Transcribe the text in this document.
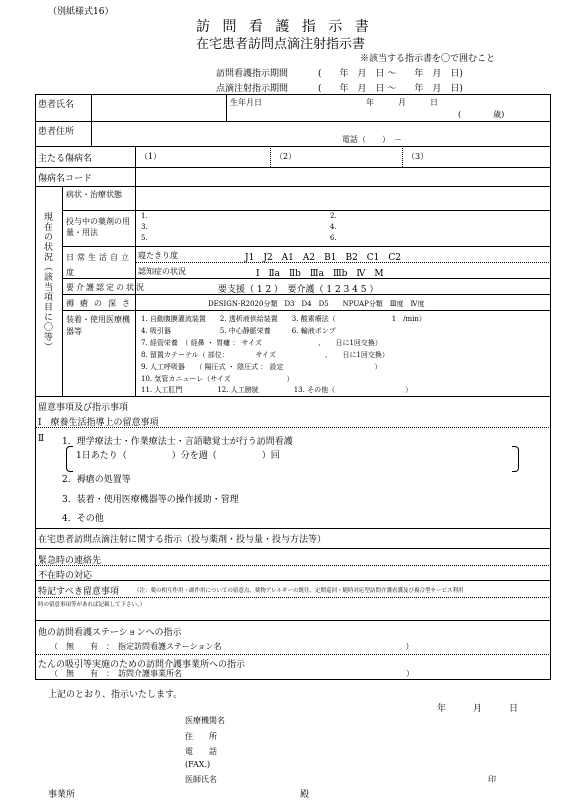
（別紙様式16）
訪 問 看 護 指 示 書
在宅患者訪問点滴注射指示書
※該当する指示書を〇で囲むこと
訪問看護指示期間	(　　年　月　日 ～　　年　月　日)
点滴注射指示期間	(　　年　月　日 ～　　年　月　日)
患者氏名	生年月日	年　　　月　　　日
(　　　　歳)
患者住所
電話（　　）　－
主たる傷病名	（1）	（2）	（3）
傷病名コード
現在の状況（該当項目に〇等）
病状・治療状態
投与中の薬剤の用量・用法
1.	2.
3.	4.
5.	6.
日常生活自立度
寝たきり度	J1　J2　A1　A2　B1　B2　C1　C2
認知症の状況	Ⅰ　Ⅱa　Ⅱb　Ⅲa　Ⅲb　Ⅳ　M
要介護認定の状況	要支援（ 1 2 ）　要介護（ 1 2 3 4 5 ）
褥瘡の深さ	DESIGN-R2020分類　D3　D4　D5　　NPUAP分類　Ⅲ度　Ⅳ度
装着・使用医療機器等
1. 自動腹膜灌流装置　　2. 透析液供給装置　　3. 酸素療法（　　　　　　　　1　/min）
4. 吸引器　　　　　　　5. 中心静脈栄養　　　6. 輸液ポンプ
7. 経管栄養　（ 経鼻 ・ 胃瘻 ： サイズ　　　　　　　　、　　日に1回交換）
8. 留置カテーテル（ 部位：　　　　 サイズ　　　　　　　、　　日に1回交換）
9. 人工呼吸器　　（ 陽圧式 ・ 陰圧式 ： 設定　　　　　　　　　　　　　）
10. 気管カニューレ（サイズ　　　　　　　　）
11. 人工肛門　　　　　12. 人工膀胱　　　　　13. その他（　　　　　　　　　　）
留意事項及び指示事項
Ⅰ　療養生活指導上の留意事項
Ⅱ 1．理学療法士・作業療法士・言語聴覚士が行う訪問看護
1日あたり（　　　　　）分を週（　　　　　）回
2．褥瘡の処置等
3．装着・使用医療機器等の操作援助・管理
4．その他
在宅患者訪問点滴注射に関する指示（投与薬剤・投与量・投与方法等）
緊急時の連絡先
不在時の対応
特記すべき留意事項	（注：薬の相互作用・副作用についての留意点、薬物アレルギーの既往、定期巡回・随時対応型訪問介護看護及び複合型サービス利用
時の留意事項等があれば記載して下さい。）
他の訪問看護ステーションへの指示
（　無　　有　：　指定訪問看護ステーション名　　　　　　　　　　　　　　　　　　　　　　　）
たんの吸引等実施のための訪問介護事業所への指示
（　無　　有　：　訪問介護事業所名　　　　　　　　　　　　　　　　　　　　　　　　　　　　）
上記のとおり、指示いたします。
年　　　月　　　日
医療機関名
住　　所
電　　話
(FAX.)
医師氏名	印
事業所	殿
